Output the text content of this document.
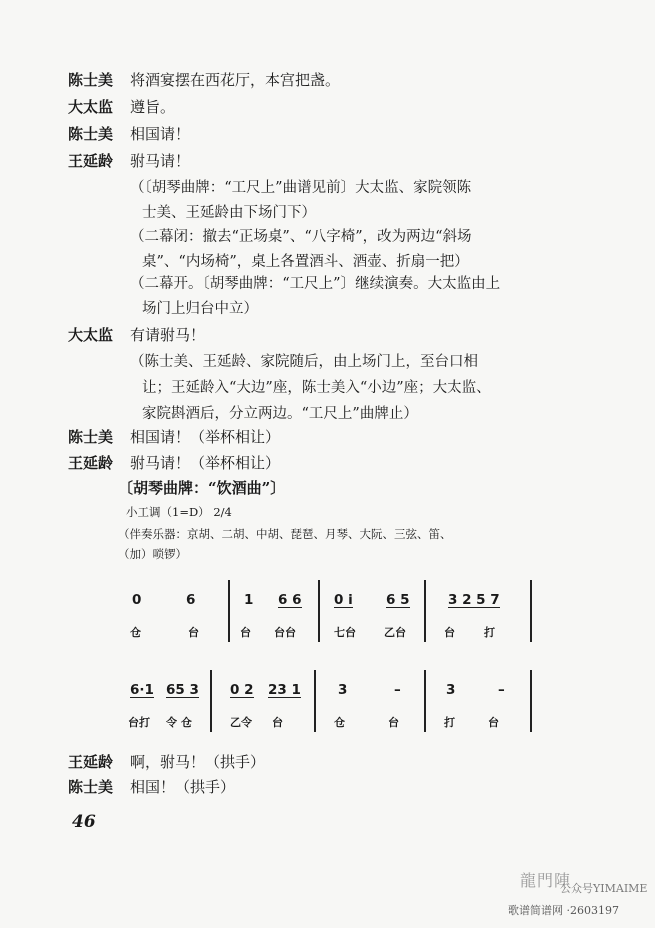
陈士美 将酒宴摆在西花厅，本宫把盏。
大太监 遵旨。
陈士美 相国请！
王延龄 驸马请！
（〔胡琴曲牌：“工尺上”曲谱见前〕大太监、家院领陈
士美、王延龄由下场门下）
（二幕闭：撤去“正场桌”、“八字椅”，改为两边“斜场
桌”、“内场椅”，桌上各置酒斗、酒壶、折扇一把）
（二幕开。〔胡琴曲牌：“工尺上”〕继续演奏。大太监由上
场门上归台中立）
大太监 有请驸马！
（陈士美、王延龄、家院随后，由上场门上，至台口相
让；王延龄入“大边”座，陈士美入“小边”座；大太监、
家院斟酒后，分立两边。“工尺上”曲牌止）
陈士美 相国请！（举杯相让）
王延龄 驸马请！（举杯相让）
〔胡琴曲牌：“饮酒曲”〕
小工调（1=D） 2/4
（伴奏乐器：京胡、二胡、中胡、琵琶、月琴、大阮、三弦、笛、
（加）唢锣）
0	6	1 6 6 0 i 6 5	3 2 5 7
仓	台	台 台台	七台	乙台	台	打
6·1 65 3 0 2 23 1	3	–	3	–
台打 令 仓	乙令 台	仓	台	打	台
王延龄 啊，驸马！（拱手）
陈士美 相国！（拱手）
46
龍門陣
公众号YIMAIME
歌谱简谱网 ·2603197
